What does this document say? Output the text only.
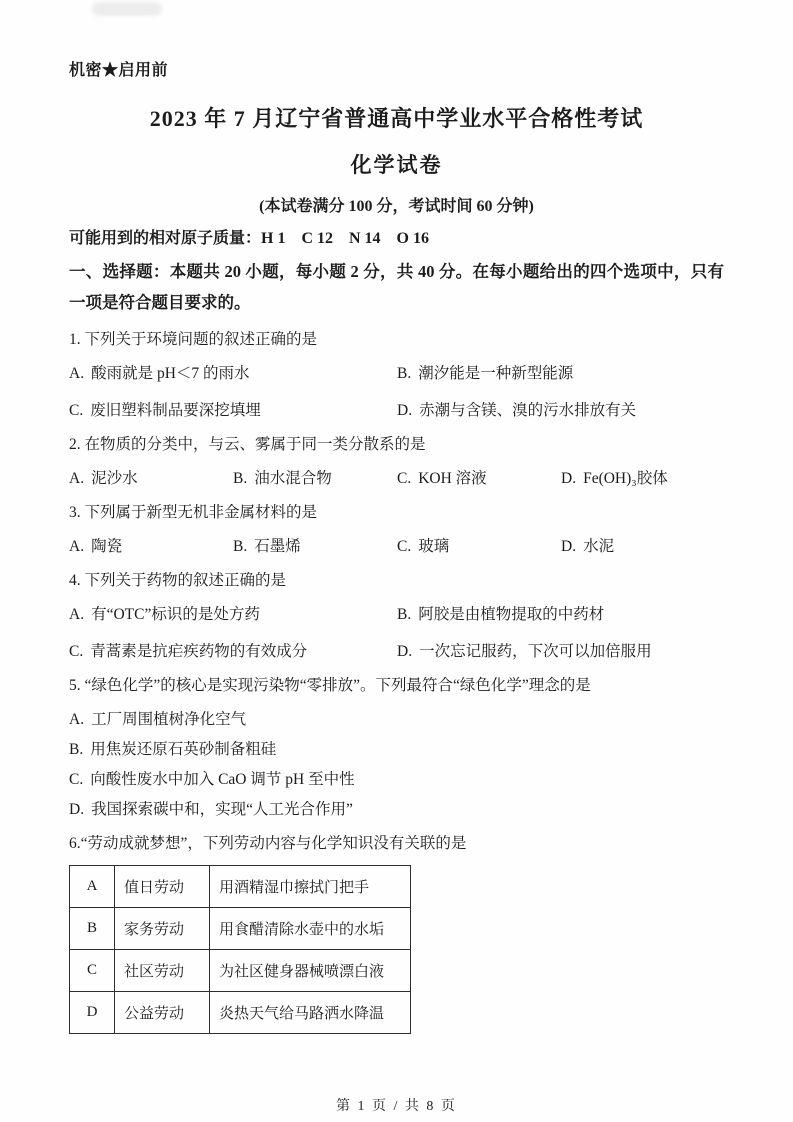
机密★启用前
2023 年 7 月辽宁省普通高中学业水平合格性考试
化学试卷
(本试卷满分 100 分，考试时间 60 分钟)
可能用到的相对原子质量：H 1　C 12　N 14　O 16
一、选择题：本题共 20 小题，每小题 2 分，共 40 分。在每小题给出的四个选项中，只有一项是符合题目要求的。
1. 下列关于环境问题的叙述正确的是
A. 酸雨就是 pH＜7 的雨水	B. 潮汐能是一种新型能源
C. 废旧塑料制品要深挖填埋	D. 赤潮与含镁、溴的污水排放有关
2. 在物质的分类中，与云、雾属于同一类分散系的是
A. 泥沙水	B. 油水混合物	C. KOH 溶液	D. Fe(OH)₃胶体
3. 下列属于新型无机非金属材料的是
A. 陶瓷	B. 石墨烯	C. 玻璃	D. 水泥
4. 下列关于药物的叙述正确的是
A. 有“OTC”标识的是处方药	B. 阿胶是由植物提取的中药材
C. 青蒿素是抗疟疾药物的有效成分	D. 一次忘记服药，下次可以加倍服用
5. “绿色化学”的核心是实现污染物“零排放”。下列最符合“绿色化学”理念的是
A. 工厂周围植树净化空气
B. 用焦炭还原石英砂制备粗硅
C. 向酸性废水中加入 CaO 调节 pH 至中性
D. 我国探索碳中和，实现“人工光合作用”
6.“劳动成就梦想”，下列劳动内容与化学知识没有关联的是
A	值日劳动	用酒精湿巾擦拭门把手
B	家务劳动	用食醋清除水壶中的水垢
C	社区劳动	为社区健身器械喷漂白液
D	公益劳动	炎热天气给马路洒水降温
第 1 页 / 共 8 页
